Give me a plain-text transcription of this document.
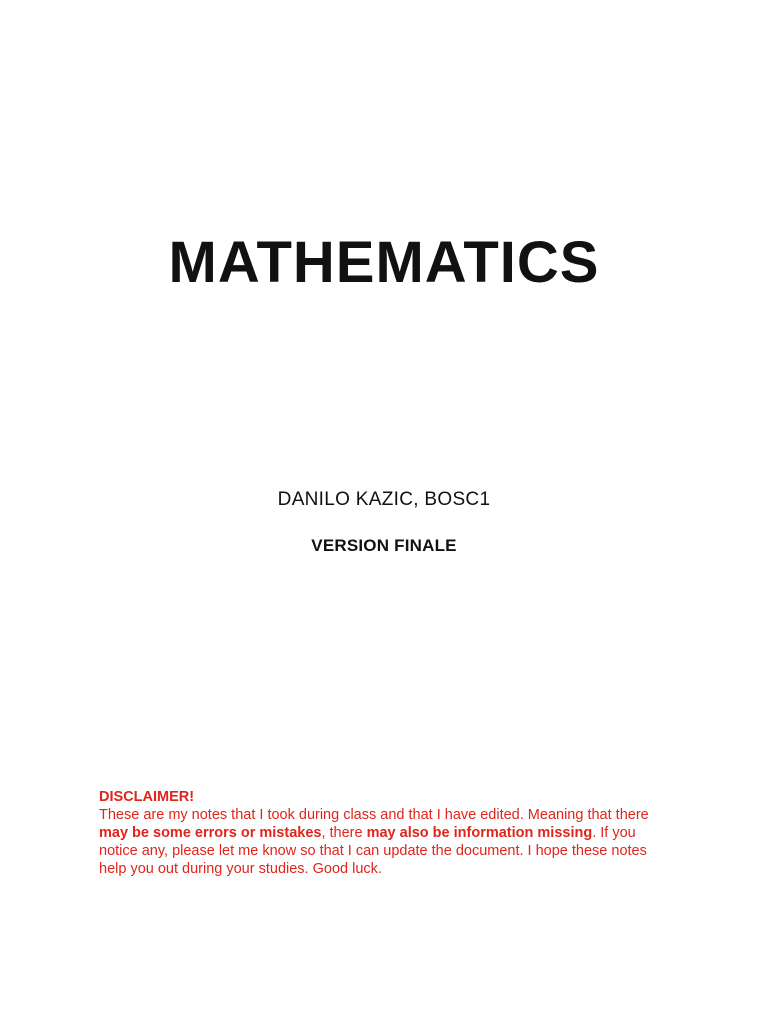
MATHEMATICS
DANILO KAZIC, BOSC1
VERSION FINALE
DISCLAIMER!
These are my notes that I took during class and that I have edited. Meaning that there may be some errors or mistakes, there may also be information missing. If you notice any, please let me know so that I can update the document. I hope these notes help you out during your studies. Good luck.
